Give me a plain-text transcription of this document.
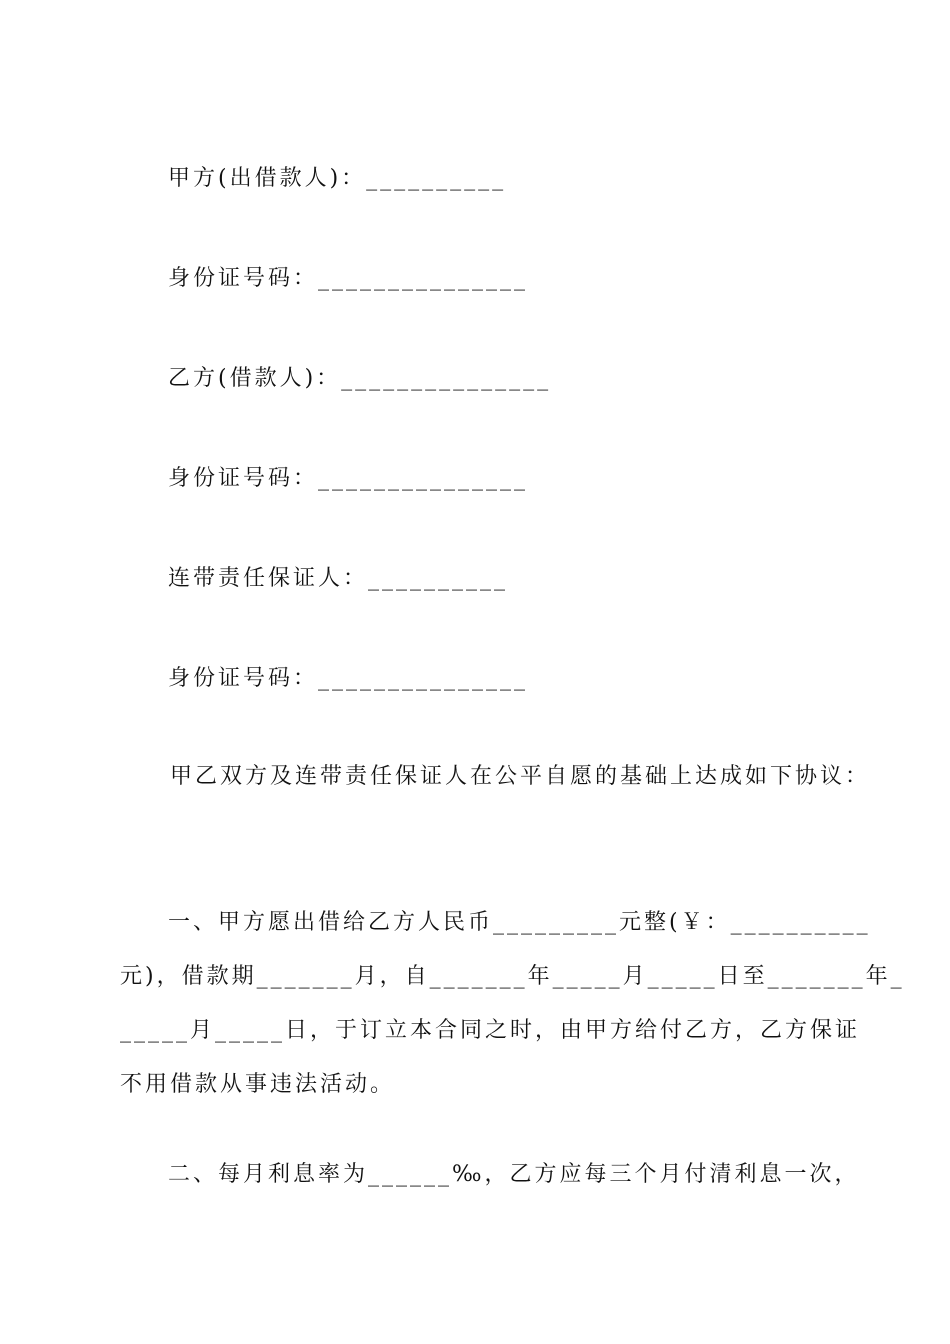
甲方(出借款人)：__________
身份证号码：_______________
乙方(借款人)：_______________
身份证号码：_______________
连带责任保证人：__________
身份证号码：_______________
甲乙双方及连带责任保证人在公平自愿的基础上达成如下协议：
一、甲方愿出借给乙方人民币_________元整(￥：__________
元)，借款期_______月，自_______年_____月_____日至_______年_
_____月_____日，于订立本合同之时，由甲方给付乙方，乙方保证
不用借款从事违法活动。
二、每月利息率为______‰，乙方应每三个月付清利息一次，
